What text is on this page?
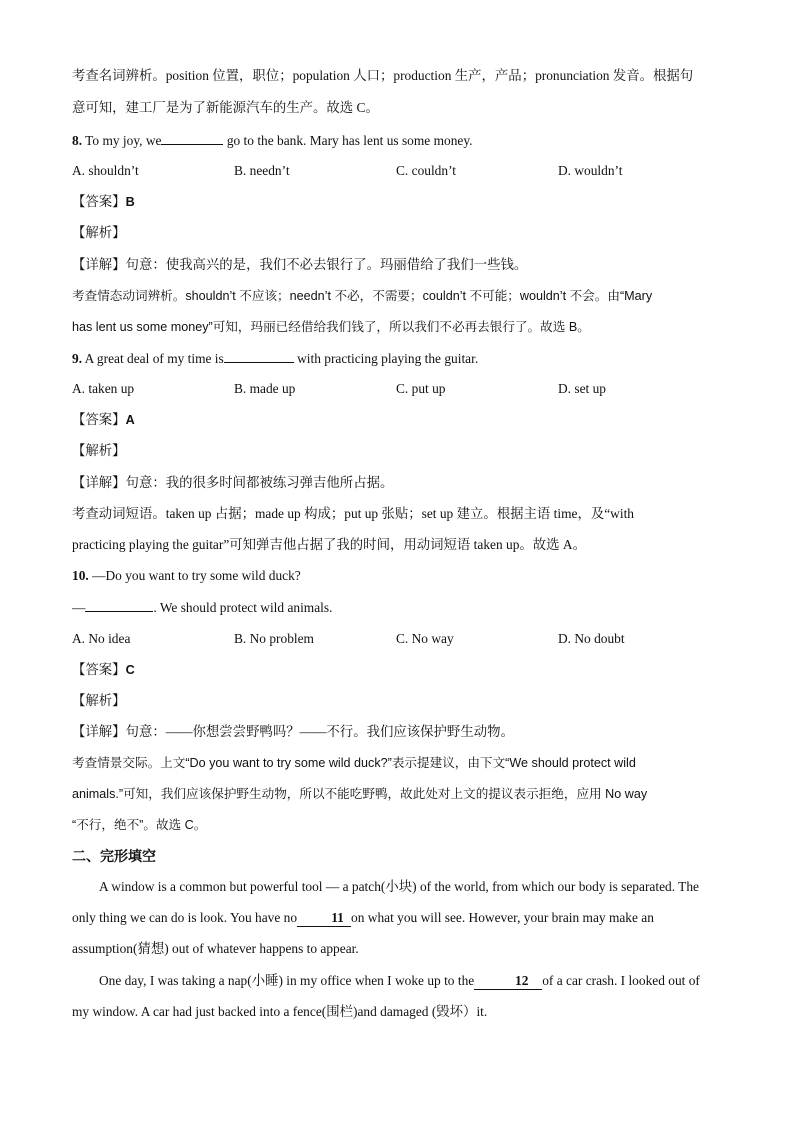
考查名词辨析。position 位置，职位；population 人口；production 生产，产品；pronunciation 发音。根据句
意可知，建工厂是为了新能源汽车的生产。故选 C。
8. To my joy, we	go to the bank. Mary has lent us some money.
A. shouldn’t	B. needn’t	C. couldn’t	D. wouldn’t
【答案】B
【解析】
【详解】句意：使我高兴的是，我们不必去银行了。玛丽借给了我们一些钱。
考查情态动词辨析。shouldn’t 不应该；needn’t 不必，不需要；couldn’t 不可能；wouldn’t 不会。由“Mary
has lent us some money”可知，玛丽已经借给我们钱了，所以我们不必再去银行了。故选 B。
9. A great deal of my time is	with practicing playing the guitar.
A. taken up	B. made up	C. put up	D. set up
【答案】A
【解析】
【详解】句意：我的很多时间都被练习弹吉他所占据。
考查动词短语。taken up 占据；made up 构成；put up 张贴；set up 建立。根据主语 time，及“with
practicing playing the guitar”可知弹吉他占据了我的时间，用动词短语 taken up。故选 A。
10. —Do you want to try some wild duck?
—	. We should protect wild animals.
A. No idea	B. No problem	C. No way	D. No doubt
【答案】C
【解析】
【详解】句意：——你想尝尝野鸭吗？——不行。我们应该保护野生动物。
考查情景交际。上文“Do you want to try some wild duck?”表示提建议，由下文“We should protect wild
animals.”可知，我们应该保护野生动物，所以不能吃野鸭，故此处对上文的提议表示拒绝，应用 No way
“不行，绝不”。故选 C。
二、完形填空
A window is a common but powerful tool — a patch(小块) of the world, from which our body is separated. The only thing we can do is look. You have no	11 on what you will see. However, your brain may make an assumption(猜想) out of whatever happens to appear.
One day, I was taking a nap(小睡) in my office when I woke up to the	12 of a car crash. I looked out of my window. A car had just backed into a fence(围栏)and damaged (毁坏）it.
